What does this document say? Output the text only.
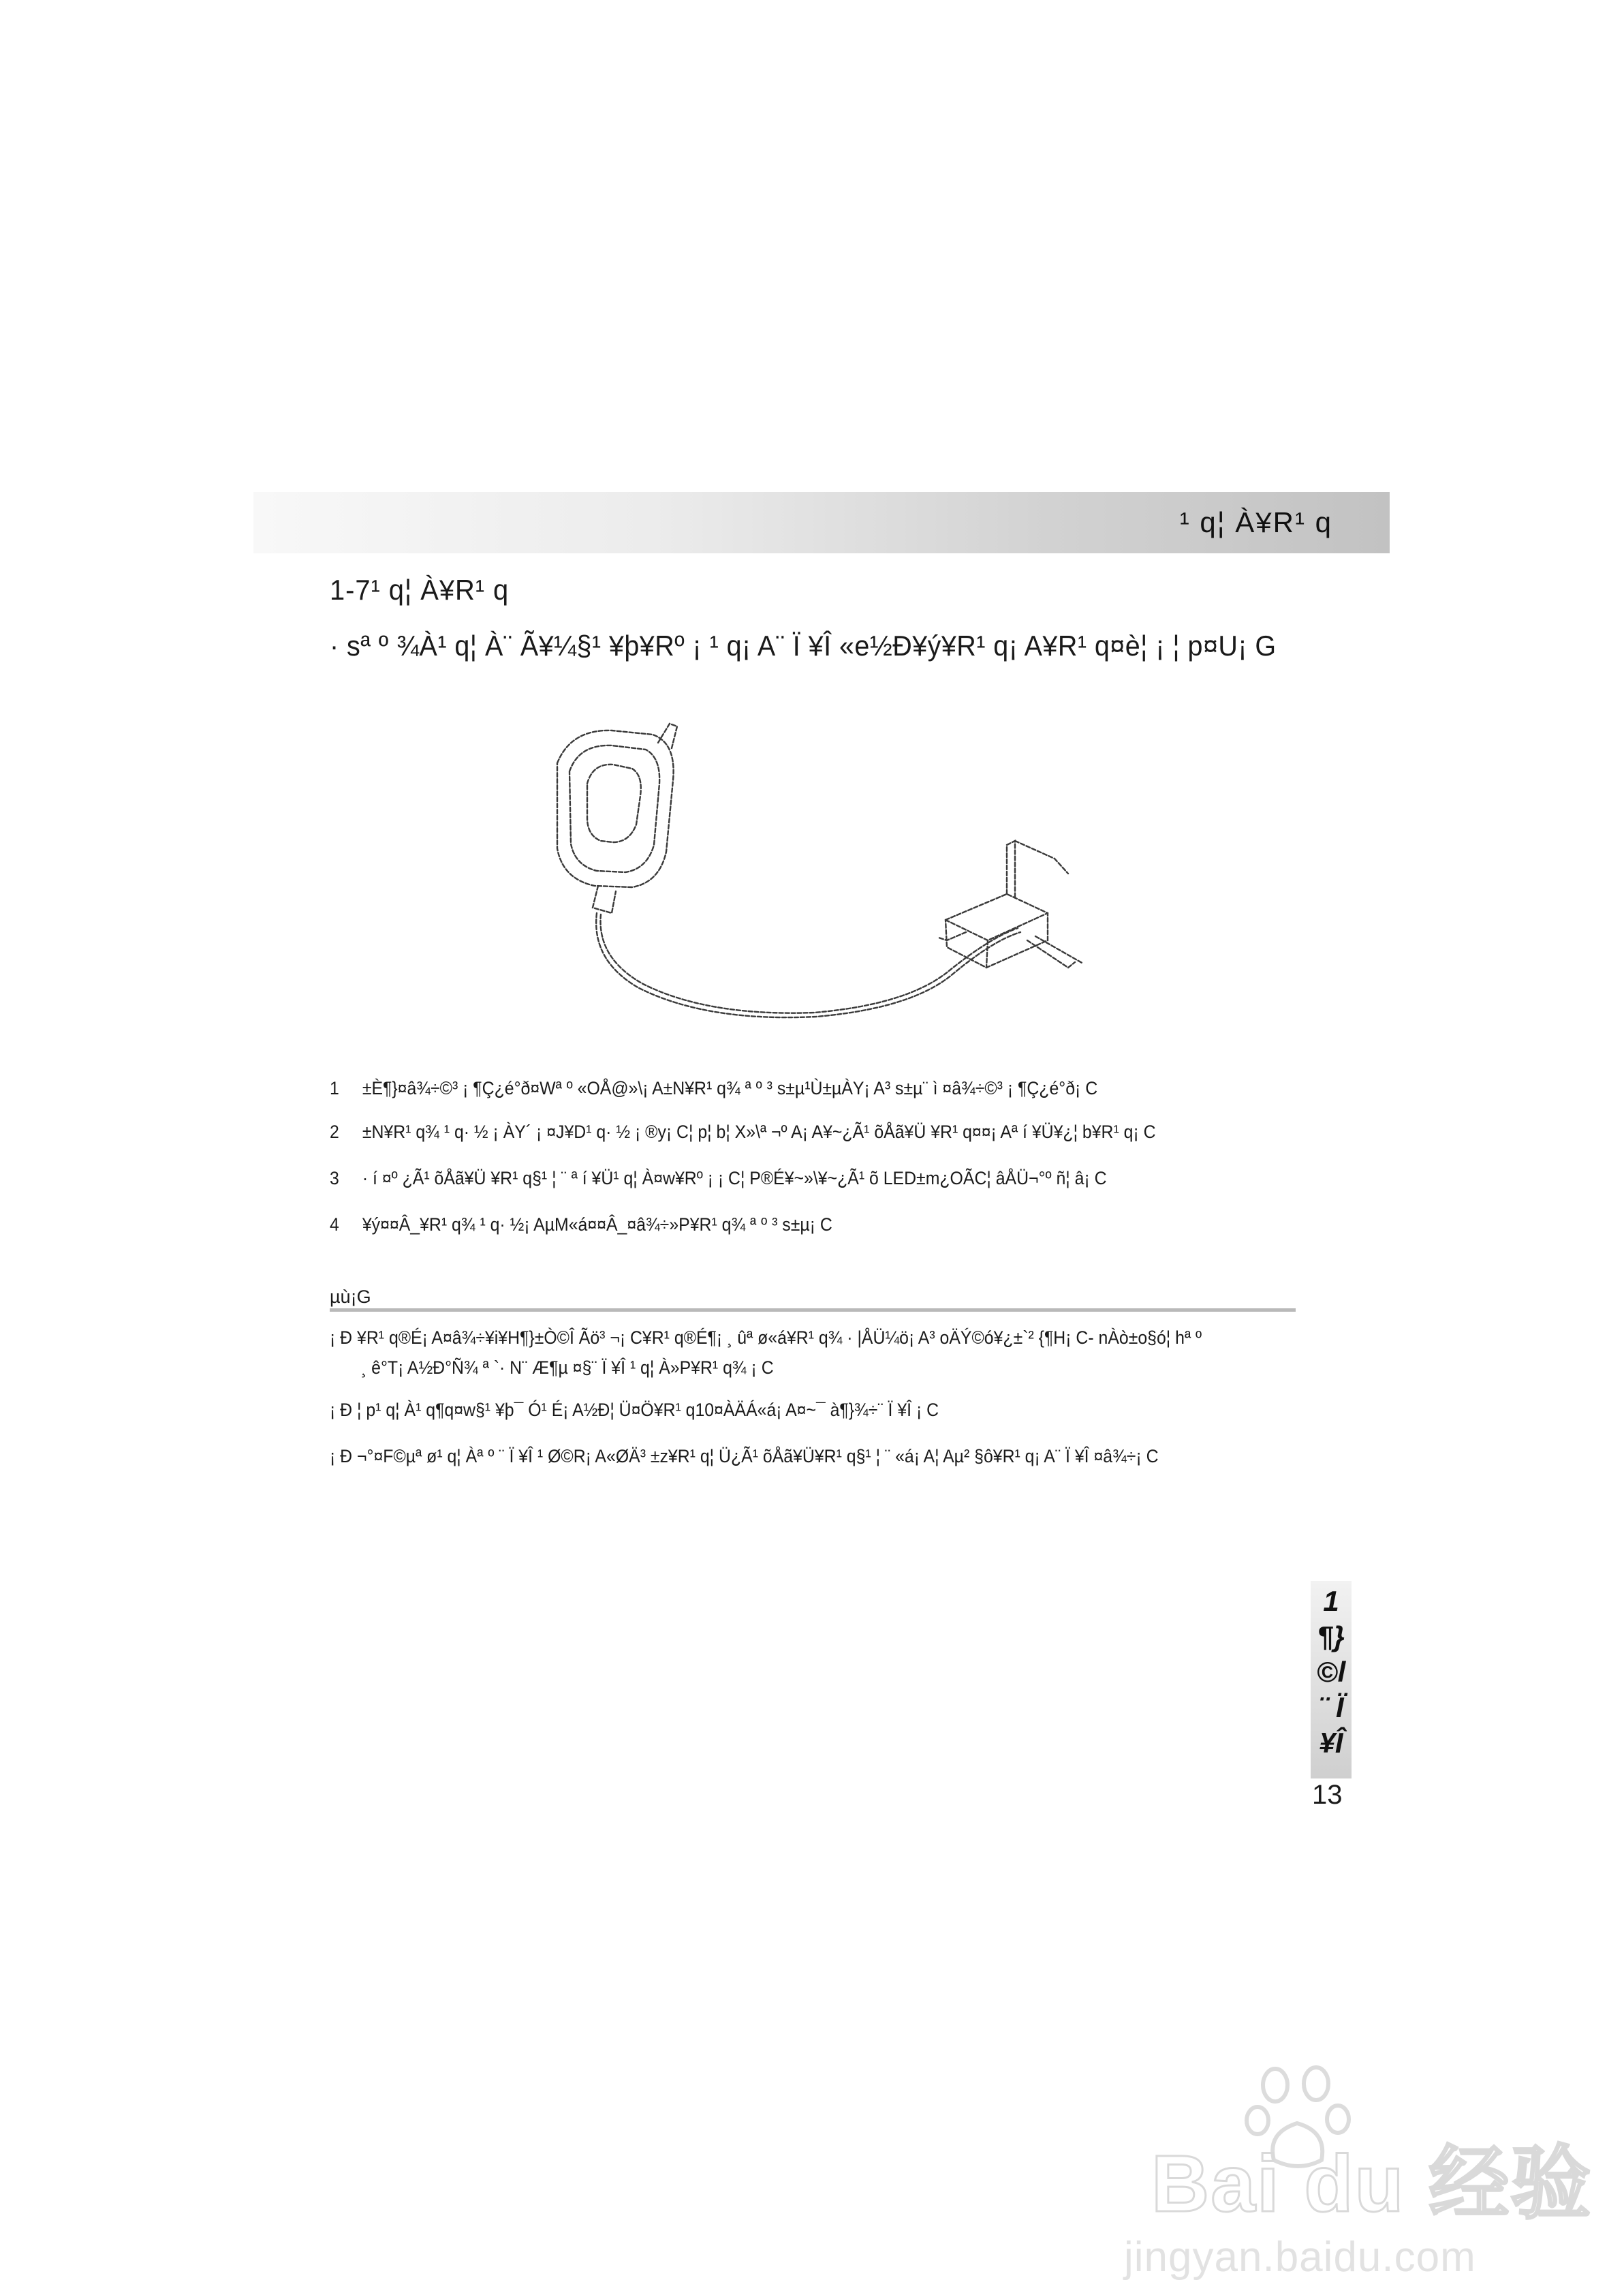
¹ q¦ À¥R¹ q
1-7¹ q¦ À¥R¹ q
· sª º ¾À¹ q¦ À¨ Ã¥¼§¹ ¥þ¥Rº ¡ ¹ q¡ A¨ Ï ¥Î «e½Ð¥ý¥R¹ q¡ A¥R¹ q¤è¦ ¡ ¦ p¤U¡ G
1 ±È¶}¤â¾÷©³ ¡ ¶Ç¿é°ð¤Wª º «OÅ@»\¡ A±N¥R¹ q¾ ª º ³ s±µ¹Ù±µÀY¡ A³ s±µ¨ ì ¤â¾÷©³ ¡ ¶Ç¿é°ð¡ C
2 ±N¥R¹ q¾ ¹ q· ½ ¡ ÀY´ ¡ ¤J¥D¹ q· ½ ¡ ®y¡ C¦ p¦ b¦ X»\ª ¬º A¡ A¥~¿Ã¹ õÅã¥Ü ¥R¹ q¤¤¡ Aª í ¥Ü¥¿¦ b¥R¹ q¡ C
3 · í ¤º ¿Ã¹ õÅã¥Ü ¥R¹ q§¹ ¦ ¨ ª í ¥Ü¹ q¦ À¤w¥Rº ¡ ¡ C¦ P®É¥~»\¥~¿Ã¹ õ LED±m¿OÃC¦ âÅÜ¬°º ñ¦ â¡ C
4 ¥ý¤¤Â_¥R¹ q¾ ¹ q· ½¡ AµM«á¤¤Â_¤â¾÷»P¥R¹ q¾ ª º ³ s±µ¡ C
µù¡G
¡ Ð ¥R¹ q®É¡ A¤â¾÷¥i¥H¶}±Ò©Î Ãö³ ¬¡ C¥R¹ q®É¶¡ ¸ ûª ø«á¥R¹ q¾ · |ÅÜ¼ö¡ A³ oÄÝ©ó¥¿±`² {¶H¡ C- nÀò±o§ó¦ hª º
¸ ê°T¡ A½Ð°Ñ¾ ª `· N¨ Æ¶µ ¤§¨ Ï ¥Î ¹ q¦ À»P¥R¹ q¾ ¡ C
¡ Ð ¦ p¹ q¦ À¹ q¶q¤w§¹ ¥þ¯ Ó¹ É¡ A½Ð¦ Ü¤Ö¥R¹ q10¤ÀÄÁ«á¡ A¤~¯ à¶}¾÷¨ Ï ¥Î ¡ C
¡ Ð ¬°¤F©µª ø¹ q¦ Àª º ¨ Ï ¥Î ¹ Ø©R¡ A«ØÄ³ ±z¥R¹ q¦ Ü¿Ã¹ õÅã¥Ü¥R¹ q§¹ ¦ ¨ «á¡ A¦ Aµ² §ô¥R¹ q¡ A¨ Ï ¥Î ¤â¾÷¡ C
1 ¶}©l¨ Ï¥Î
13
Bai du 经验
jingyan.baidu.com
